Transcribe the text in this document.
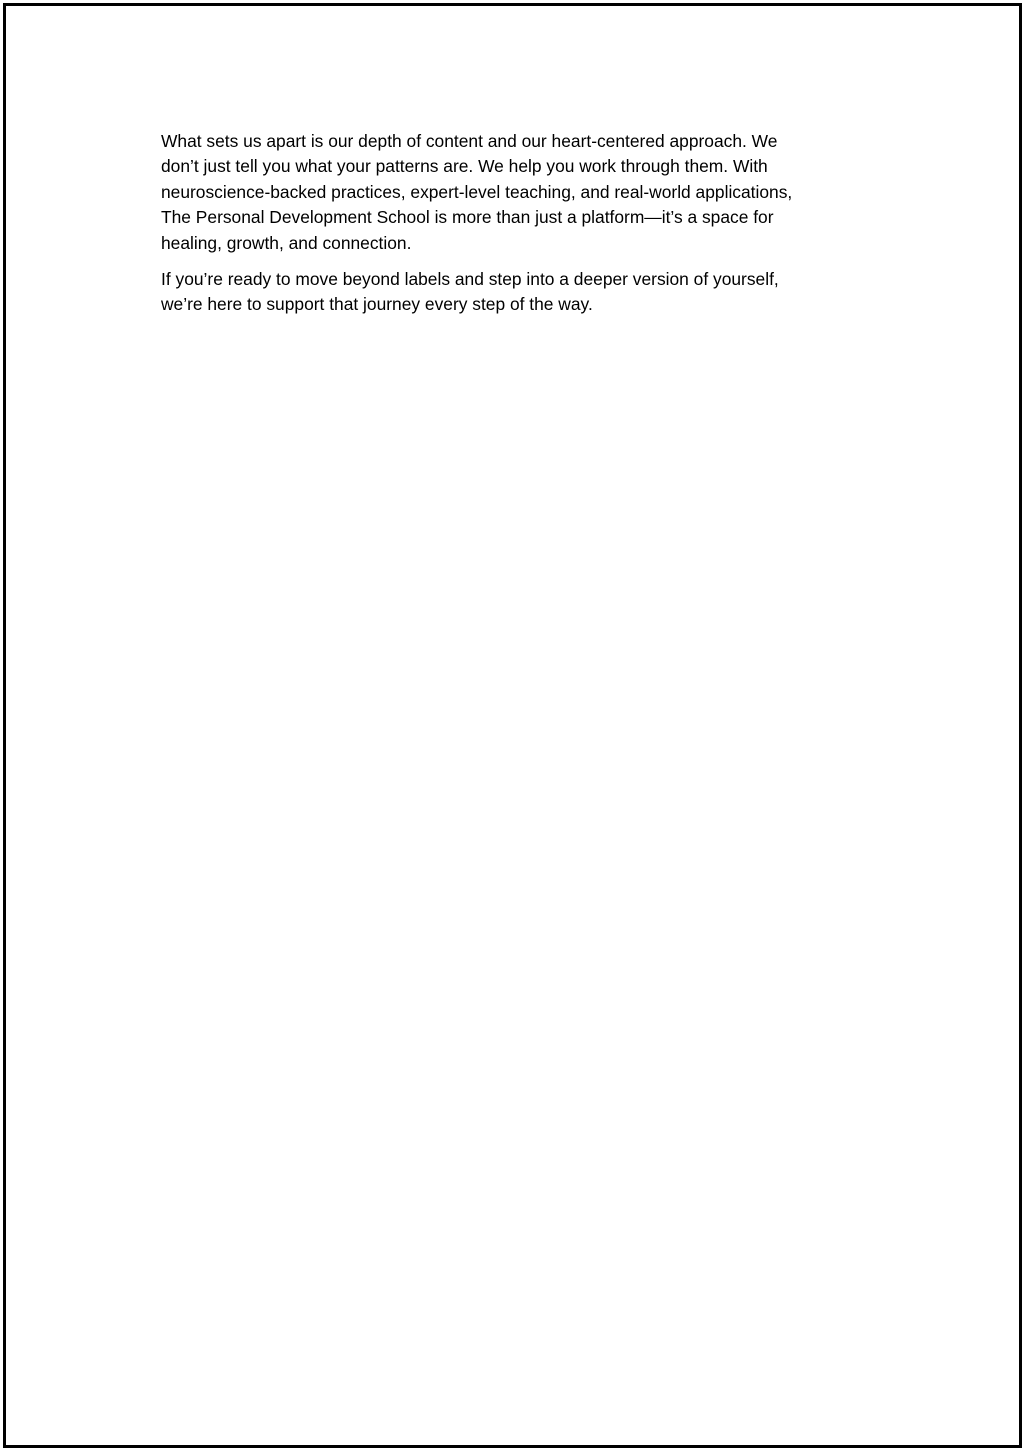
What sets us apart is our depth of content and our heart-centered approach. We
don’t just tell you what your patterns are. We help you work through them. With
neuroscience-backed practices, expert-level teaching, and real-world applications,
The Personal Development School is more than just a platform—it’s a space for
healing, growth, and connection.

If you’re ready to move beyond labels and step into a deeper version of yourself,
we’re here to support that journey every step of the way.
